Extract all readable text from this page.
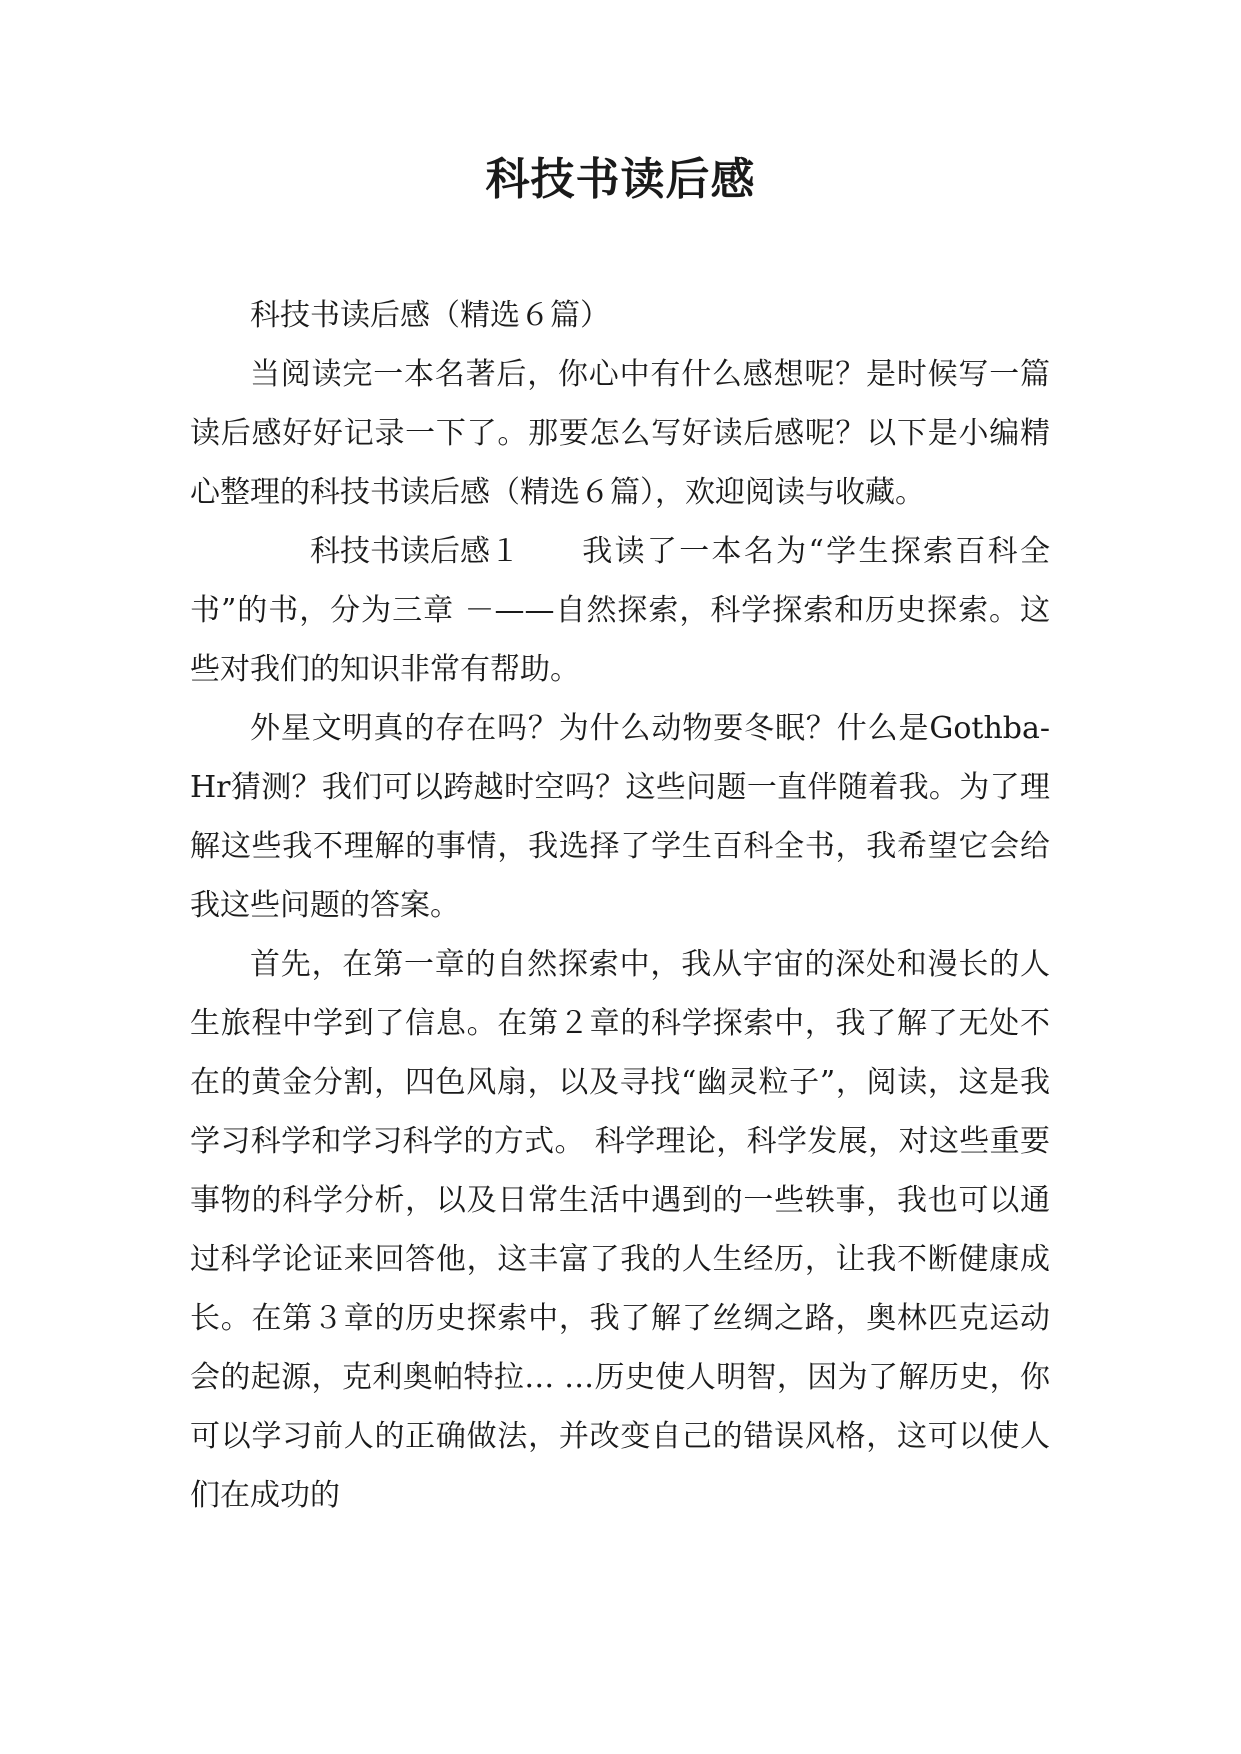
科技书读后感

科技书读后感（精选６篇）

当阅读完一本名著后，你心中有什么感想呢？是时候写一篇读后感好好记录一下了。那要怎么写好读后感呢？以下是小编精心整理的科技书读后感（精选６篇），欢迎阅读与收藏。

科技书读后感１ 我读了一本名为“学生探索百科全书”的书，分为三章 －——自然探索，科学探索和历史探索。这些对我们的知识非常有帮助。

外星文明真的存在吗？为什么动物要冬眠？什么是Gothba-Hr猜测？我们可以跨越时空吗？这些问题一直伴随着我。为了理解这些我不理解的事情，我选择了学生百科全书，我希望它会给我这些问题的答案。

首先，在第一章的自然探索中，我从宇宙的深处和漫长的人生旅程中学到了信息。在第２章的科学探索中，我了解了无处不在的黄金分割，四色风扇，以及寻找“幽灵粒子”，阅读，这是我学习科学和学习科学的方式。 科学理论，科学发展，对这些重要事物的科学分析，以及日常生活中遇到的一些轶事，我也可以通过科学论证来回答他，这丰富了我的人生经历，让我不断健康成长。在第３章的历史探索中，我了解了丝绸之路，奥林匹克运动会的起源，克利奥帕特拉… …历史使人明智，因为了解历史，你可以学习前人的正确做法，并改变自己的错误风格，这可以使人们在成功的
